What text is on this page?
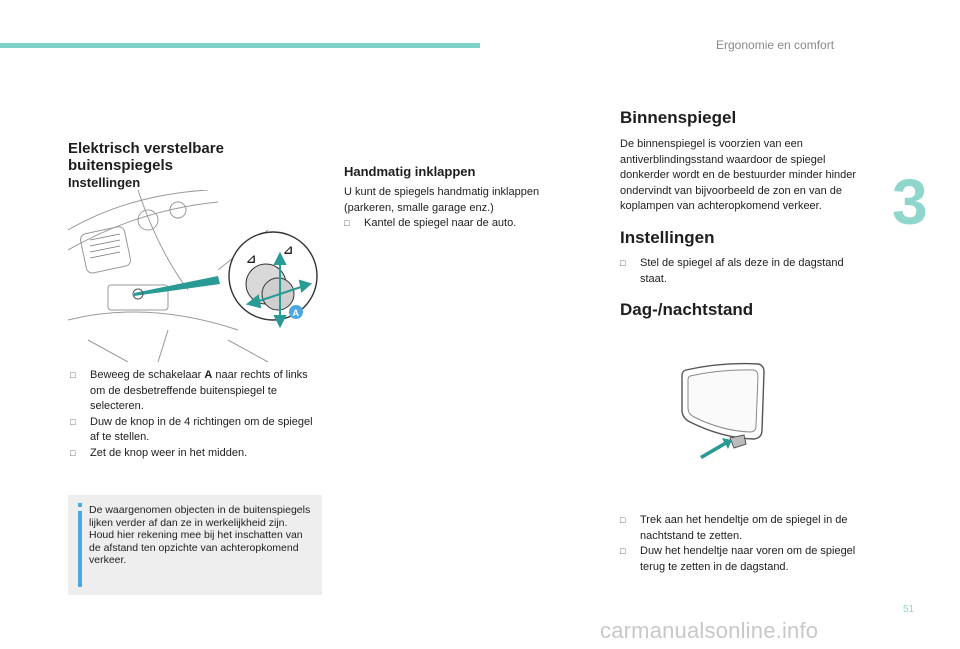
Ergonomie en comfort
3
Elektrisch verstelbare buitenspiegels
Instellingen
⊿
⊿
A
□ Beweeg de schakelaar A naar rechts of links om de desbetreffende buitenspiegel te selecteren.
□ Duw de knop in de 4 richtingen om de spiegel af te stellen.
□ Zet de knop weer in het midden.
De waargenomen objecten in de buitenspiegels lijken verder af dan ze in werkelijkheid zijn.
Houd hier rekening mee bij het inschatten van de afstand ten opzichte van achteropkomend verkeer.
Handmatig inklappen

U kunt de spiegels handmatig inklappen (parkeren, smalle garage enz.)

□ Kantel de spiegel naar de auto.
Binnenspiegel

De binnenspiegel is voorzien van een antiverblindingsstand waardoor de spiegel donkerder wordt en de bestuurder minder hinder ondervindt van bijvoorbeeld de zon en van de koplampen van achteropkomend verkeer.

Instellingen
□ Stel de spiegel af als deze in de dagstand staat.
Dag-/nachtstand
□ Trek aan het hendeltje om de spiegel in de nachtstand te zetten.
□ Duw het hendeltje naar voren om de spiegel terug te zetten in de dagstand.
51
carmanualsonline.info
